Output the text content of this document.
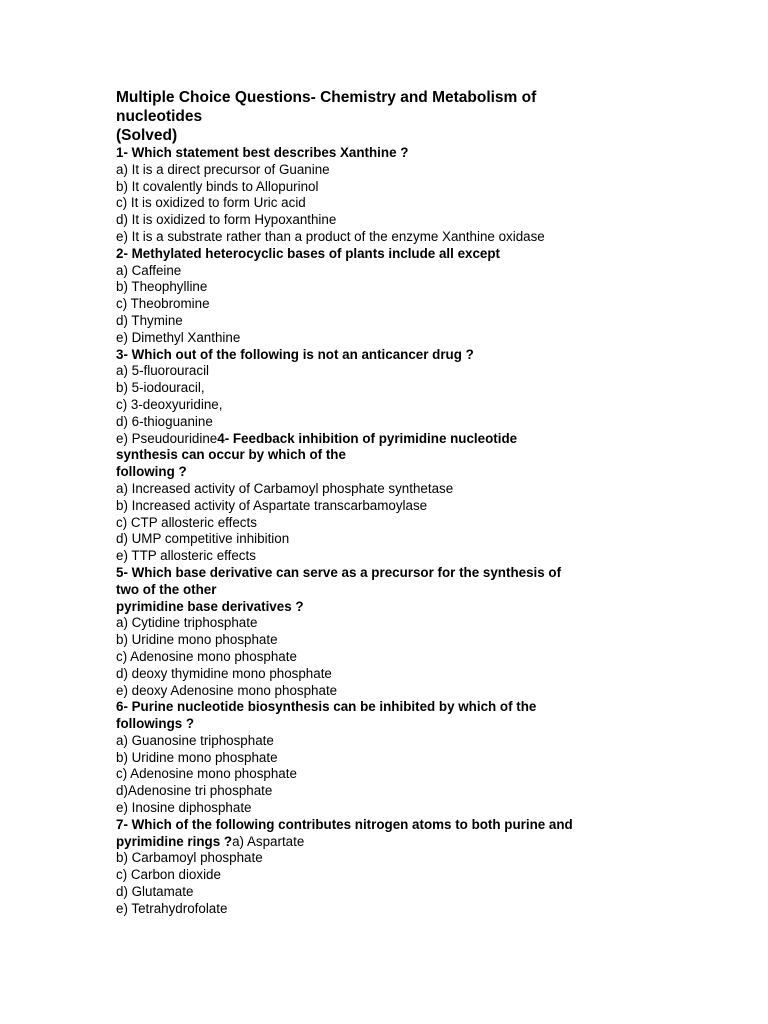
Multiple Choice Questions- Chemistry and Metabolism of
nucleotides
(Solved)
1- Which statement best describes Xanthine ?
a) It is a direct precursor of Guanine
b) It covalently binds to Allopurinol
c) It is oxidized to form Uric acid
d) It is oxidized to form Hypoxanthine
e) It is a substrate rather than a product of the enzyme Xanthine oxidase
2- Methylated heterocyclic bases of plants include all except
a) Caffeine
b) Theophylline
c) Theobromine
d) Thymine
e) Dimethyl Xanthine
3- Which out of the following is not an anticancer drug ?
a) 5-fluorouracil
b) 5-iodouracil,
c) 3-deoxyuridine,
d) 6-thioguanine
e) Pseudouridine4- Feedback inhibition of pyrimidine nucleotide
synthesis can occur by which of the
following ?
a) Increased activity of Carbamoyl phosphate synthetase
b) Increased activity of Aspartate transcarbamoylase
c) CTP allosteric effects
d) UMP competitive inhibition
e) TTP allosteric effects
5- Which base derivative can serve as a precursor for the synthesis of
two of the other
pyrimidine base derivatives ?
a) Cytidine triphosphate
b) Uridine mono phosphate
c) Adenosine mono phosphate
d) deoxy thymidine mono phosphate
e) deoxy Adenosine mono phosphate
6- Purine nucleotide biosynthesis can be inhibited by which of the
followings ?
a) Guanosine triphosphate
b) Uridine mono phosphate
c) Adenosine mono phosphate
d)Adenosine tri phosphate
e) Inosine diphosphate
7- Which of the following contributes nitrogen atoms to both purine and
pyrimidine rings ?a) Aspartate
b) Carbamoyl phosphate
c) Carbon dioxide
d) Glutamate
e) Tetrahydrofolate
